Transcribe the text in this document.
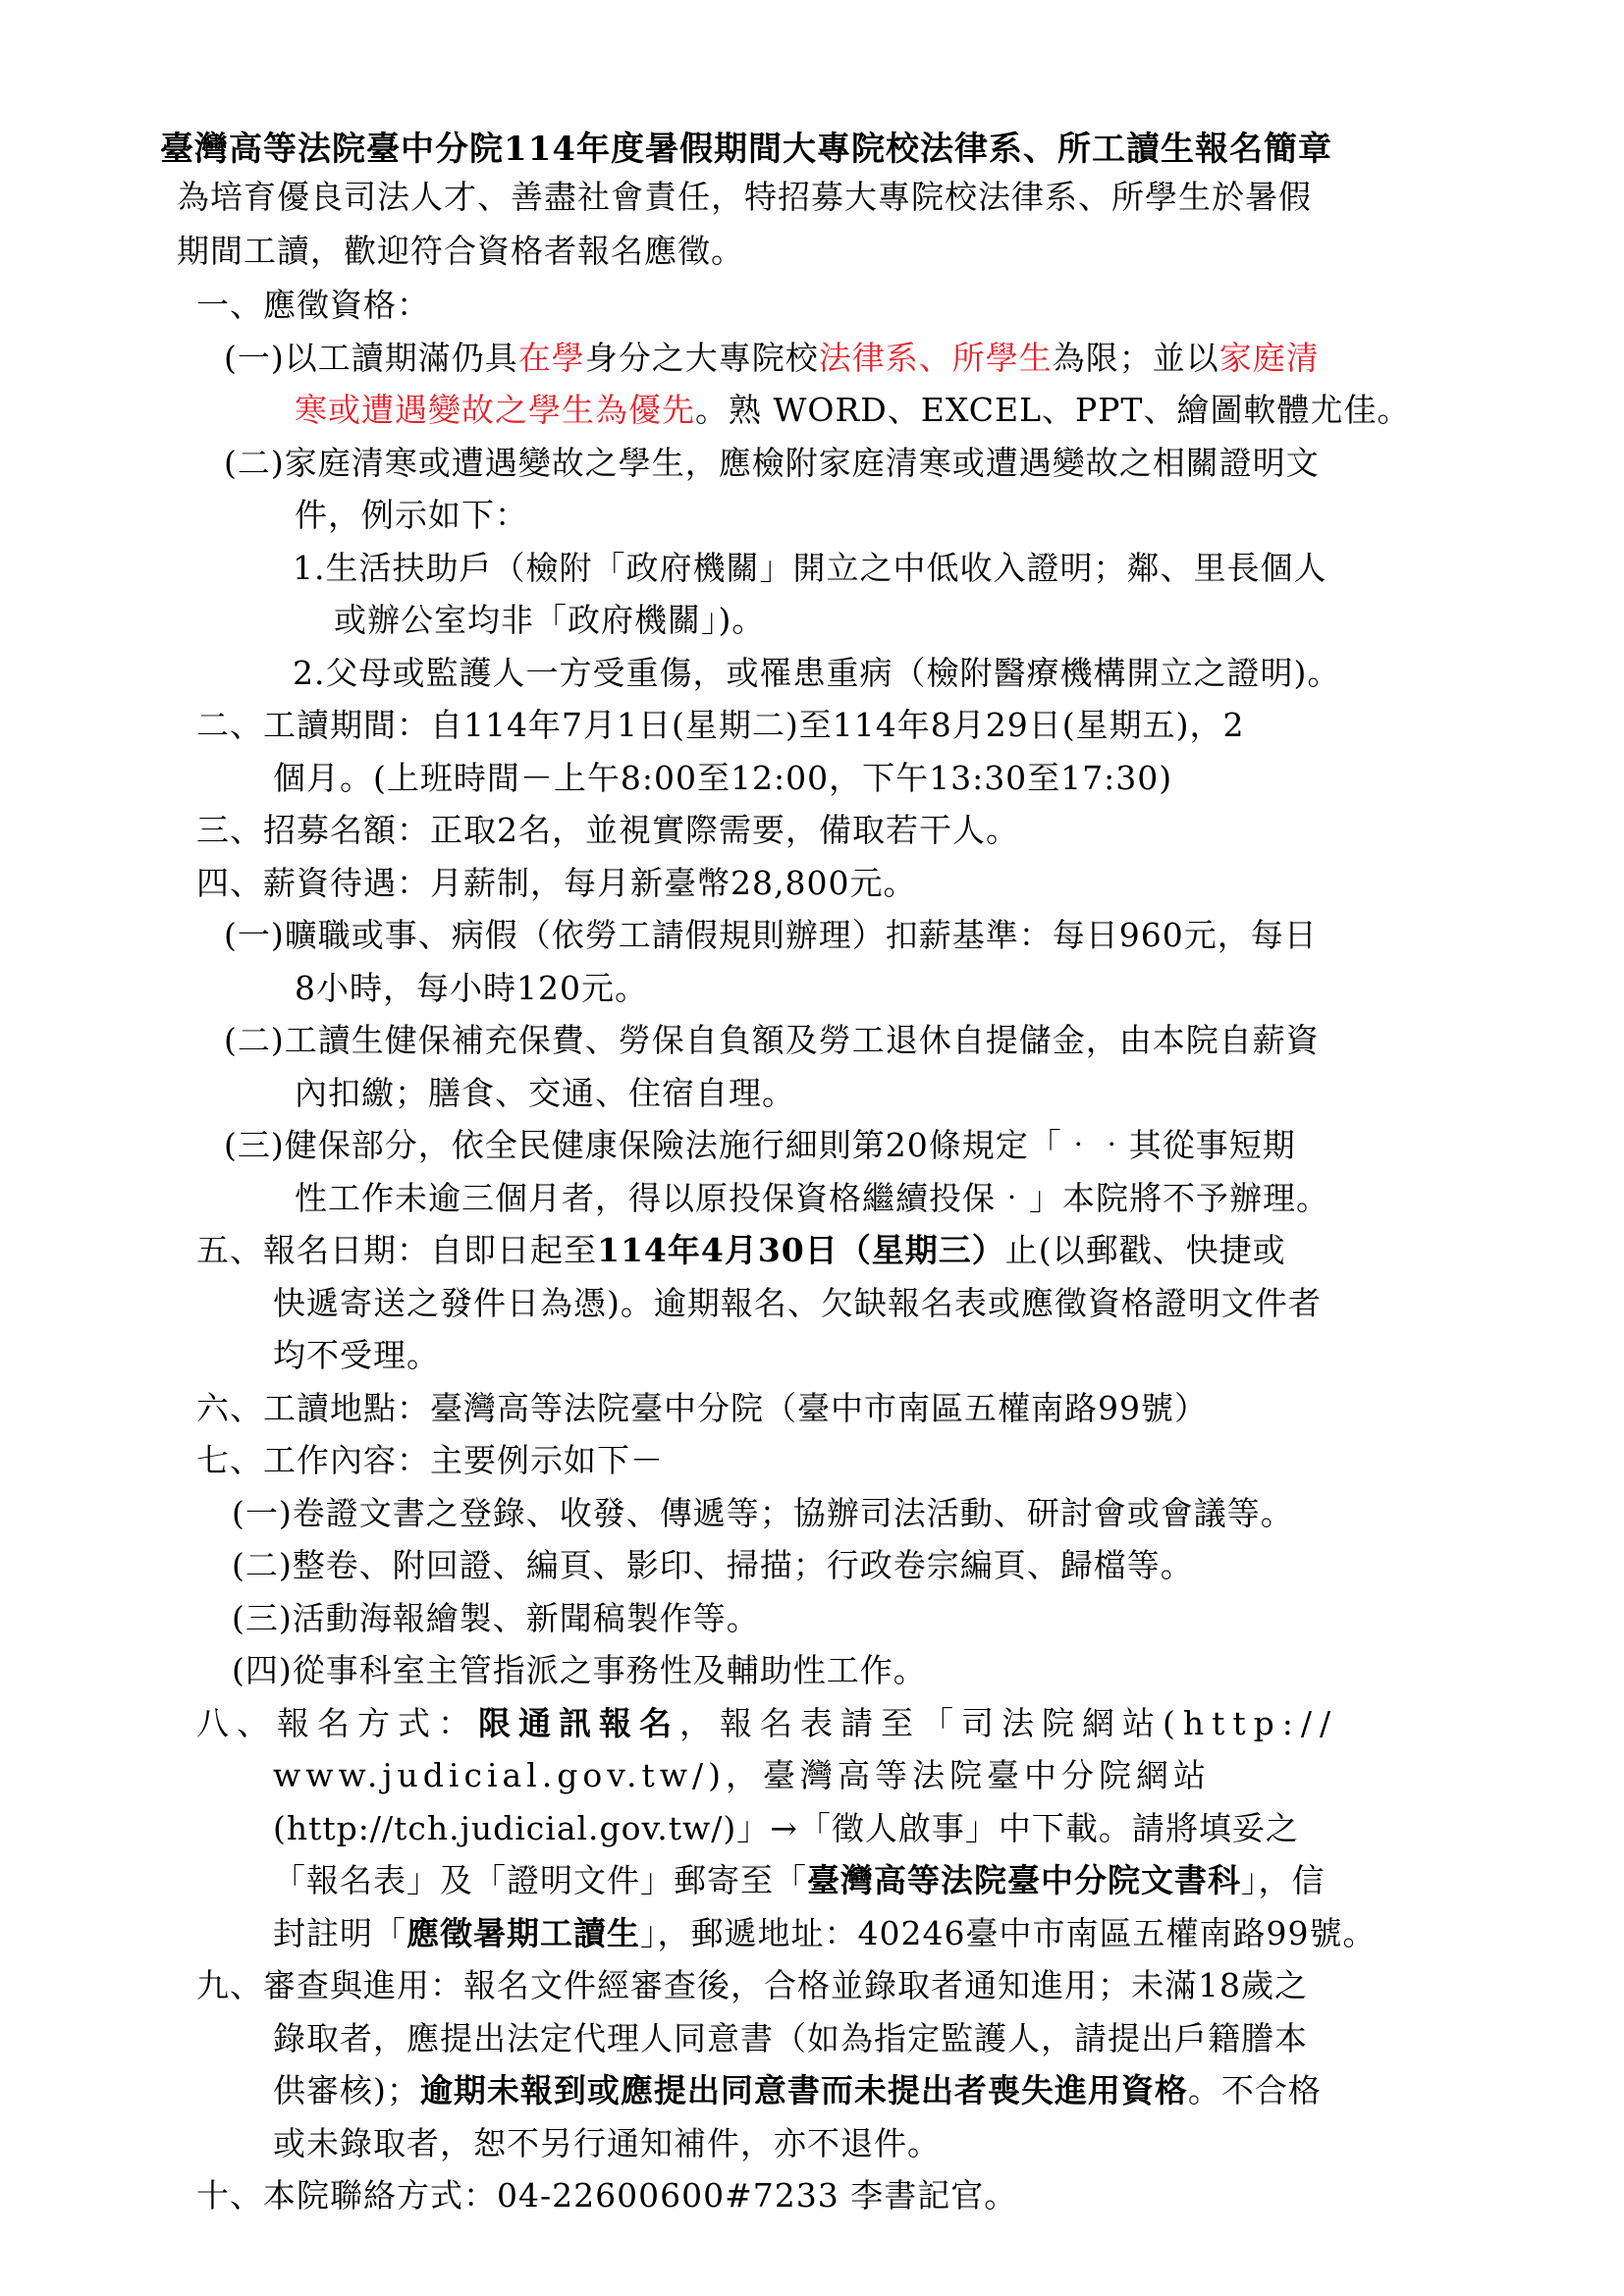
臺灣高等法院臺中分院114年度暑假期間大專院校法律系、所工讀生報名簡章
為培育優良司法人才、善盡社會責任，特招募大專院校法律系、所學生於暑假
期間工讀，歡迎符合資格者報名應徵。
一、應徵資格：
(一)以工讀期滿仍具在學身分之大專院校法律系、所學生為限；並以家庭清
寒或遭遇變故之學生為優先。熟 WORD、EXCEL、PPT、繪圖軟體尤佳。
(二)家庭清寒或遭遇變故之學生，應檢附家庭清寒或遭遇變故之相關證明文
件，例示如下：
1.生活扶助戶（檢附「政府機關」開立之中低收入證明；鄰、里長個人
或辦公室均非「政府機關」)。
2.父母或監護人一方受重傷，或罹患重病（檢附醫療機構開立之證明)。
二、工讀期間：自114年7月1日(星期二)至114年8月29日(星期五)，2
個月。(上班時間－上午8:00至12:00，下午13:30至17:30)
三、招募名額：正取2名，並視實際需要，備取若干人。
四、薪資待遇：月薪制，每月新臺幣28,800元。
(一)曠職或事、病假（依勞工請假規則辦理）扣薪基準：每日960元，每日
8小時，每小時120元。
(二)工讀生健保補充保費、勞保自負額及勞工退休自提儲金，由本院自薪資
內扣繳；膳食、交通、住宿自理。
(三)健保部分，依全民健康保險法施行細則第20條規定「‧‧其從事短期
性工作未逾三個月者，得以原投保資格繼續投保‧」本院將不予辦理。
五、報名日期：自即日起至114年4月30日（星期三）止(以郵戳、快捷或
快遞寄送之發件日為憑)。逾期報名、欠缺報名表或應徵資格證明文件者
均不受理。
六、工讀地點：臺灣高等法院臺中分院（臺中市南區五權南路99號）
七、工作內容：主要例示如下－
(一)卷證文書之登錄、收發、傳遞等；協辦司法活動、研討會或會議等。
(二)整卷、附回證、編頁、影印、掃描；行政卷宗編頁、歸檔等。
(三)活動海報繪製、新聞稿製作等。
(四)從事科室主管指派之事務性及輔助性工作。
八、報名方式：限通訊報名，報名表請至「司法院網站(http://
www.judicial.gov.tw/)，臺灣高等法院臺中分院網站
(http://tch.judicial.gov.tw/)」→「徵人啟事」中下載。請將填妥之
「報名表」及「證明文件」郵寄至「臺灣高等法院臺中分院文書科」，信
封註明「應徵暑期工讀生」，郵遞地址：40246臺中市南區五權南路99號。
九、審查與進用：報名文件經審查後，合格並錄取者通知進用；未滿18歲之
錄取者，應提出法定代理人同意書（如為指定監護人，請提出戶籍謄本
供審核)；逾期未報到或應提出同意書而未提出者喪失進用資格。不合格
或未錄取者，恕不另行通知補件，亦不退件。
十、本院聯絡方式：04-22600600#7233 李書記官。
